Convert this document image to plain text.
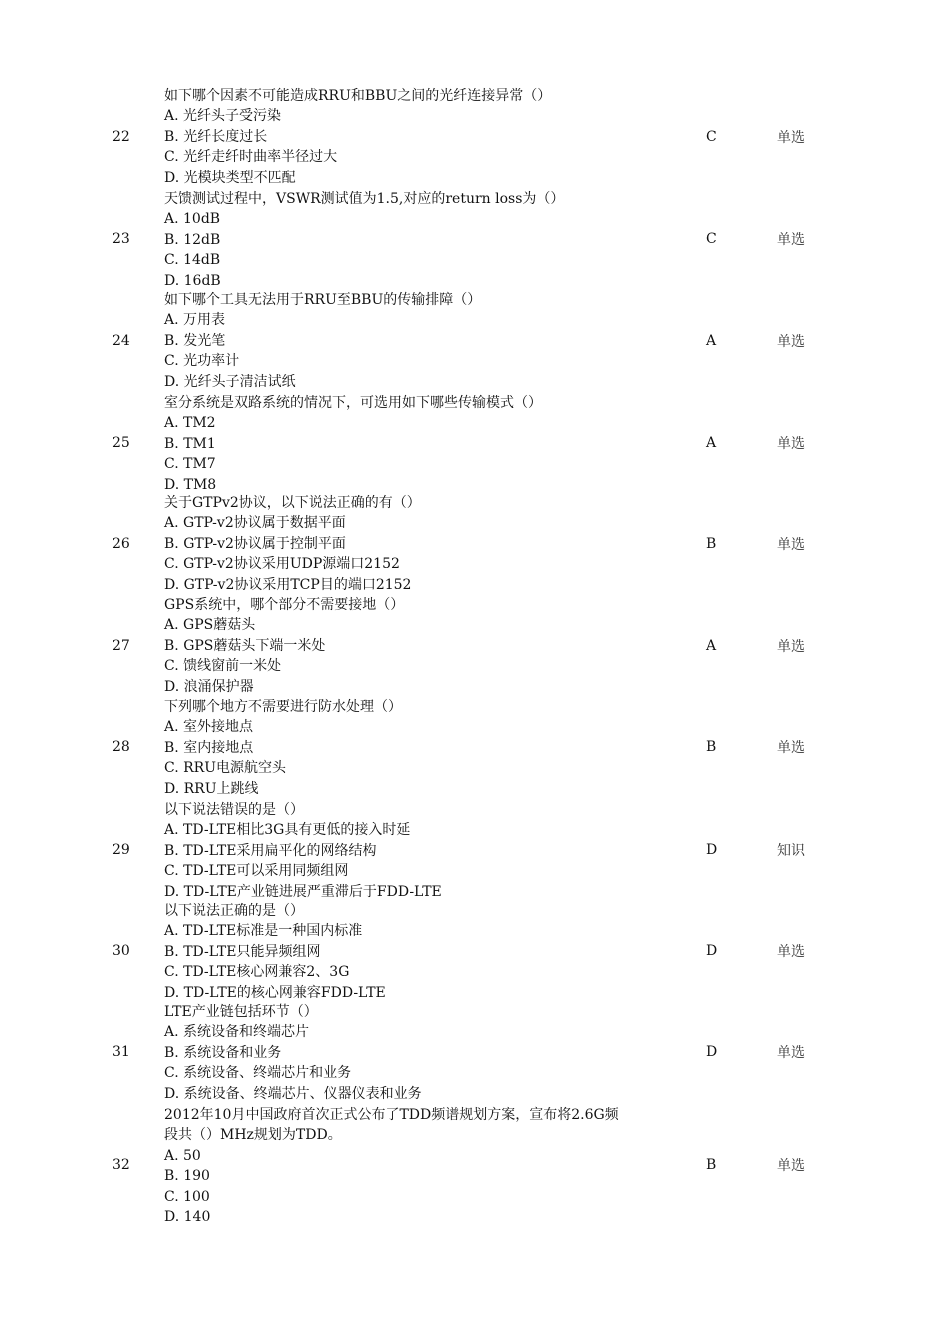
如下哪个因素不可能造成RRU和BBU之间的光纤连接异常（）
A. 光纤头子受污染
B. 光纤长度过长
C. 光纤走纤时曲率半径过大
D. 光模块类型不匹配
22	C	单选
天馈测试过程中，VSWR测试值为1.5,对应的return loss为（）
A. 10dB
B. 12dB
C. 14dB
D. 16dB
23	C	单选
如下哪个工具无法用于RRU至BBU的传输排障（）
A. 万用表
B. 发光笔
C. 光功率计
D. 光纤头子清洁试纸
24	A	单选
室分系统是双路系统的情况下，可选用如下哪些传输模式（）
A. TM2
B. TM1
C. TM7
D. TM8
25	A	单选
关于GTPv2协议，以下说法正确的有（）
A. GTP-v2协议属于数据平面
B. GTP-v2协议属于控制平面
C. GTP-v2协议采用UDP源端口2152
D. GTP-v2协议采用TCP目的端口2152
26	B	单选
GPS系统中，哪个部分不需要接地（）
A. GPS蘑菇头
B. GPS蘑菇头下端一米处
C. 馈线窗前一米处
D. 浪涌保护器
27	A	单选
下列哪个地方不需要进行防水处理（）
A. 室外接地点
B. 室内接地点
C. RRU电源航空头
D. RRU上跳线
28	B	单选
以下说法错误的是（）
A. TD-LTE相比3G具有更低的接入时延
B. TD-LTE采用扁平化的网络结构
C. TD-LTE可以采用同频组网
D. TD-LTE产业链进展严重滞后于FDD-LTE
29	D	知识
以下说法正确的是（）
A. TD-LTE标准是一种国内标准
B. TD-LTE只能异频组网
C. TD-LTE核心网兼容2、3G
D. TD-LTE的核心网兼容FDD-LTE
30	D	单选
LTE产业链包括环节（）
A. 系统设备和终端芯片
B. 系统设备和业务
C. 系统设备、终端芯片和业务
D. 系统设备、终端芯片、仪器仪表和业务
31	D	单选
2012年10月中国政府首次正式公布了TDD频谱规划方案，宣布将2.6G频
段共（）MHz规划为TDD。
A. 50
B. 190
C. 100
D. 140
32	B	单选
